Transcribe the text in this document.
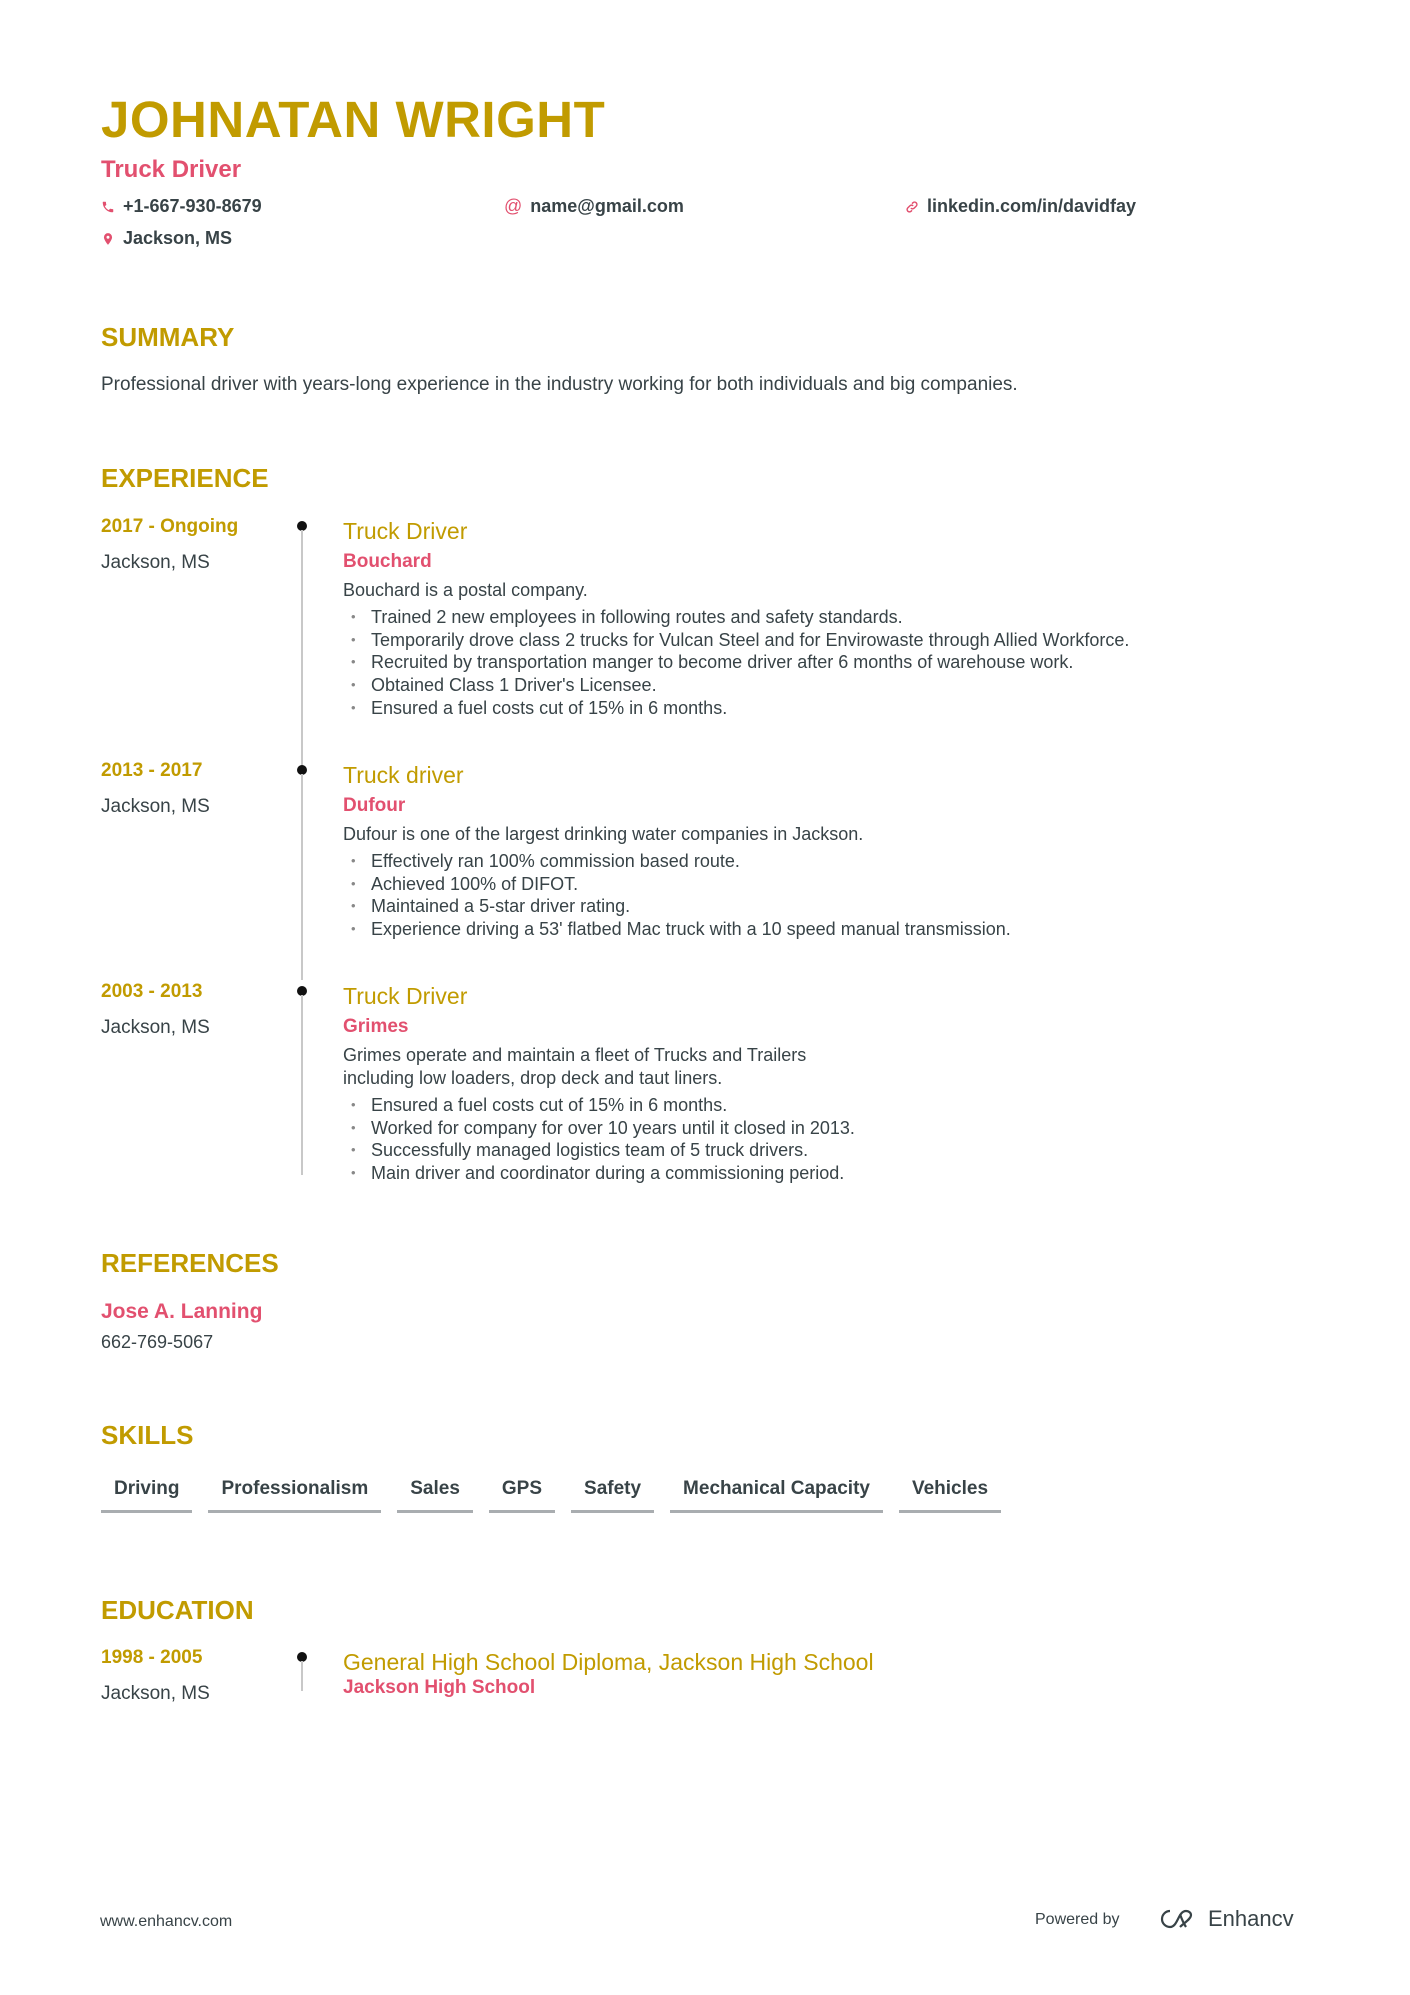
JOHNATAN WRIGHT
Truck Driver
+1-667-930-8679	@ name@gmail.com	linkedin.com/in/davidfay
Jackson, MS
SUMMARY
Professional driver with years-long experience in the industry working for both individuals and big companies.
EXPERIENCE
2017 - Ongoing
Jackson, MS
Truck Driver
Bouchard
Bouchard is a postal company.
• Trained 2 new employees in following routes and safety standards.
• Temporarily drove class 2 trucks for Vulcan Steel and for Envirowaste through Allied Workforce.
• Recruited by transportation manger to become driver after 6 months of warehouse work.
• Obtained Class 1 Driver's Licensee.
• Ensured a fuel costs cut of 15% in 6 months.
2013 - 2017
Jackson, MS
Truck driver
Dufour
Dufour is one of the largest drinking water companies in Jackson.
• Effectively ran 100% commission based route.
• Achieved 100% of DIFOT.
• Maintained a 5-star driver rating.
• Experience driving a 53' flatbed Mac truck with a 10 speed manual transmission.
2003 - 2013
Jackson, MS
Truck Driver
Grimes
Grimes operate and maintain a fleet of Trucks and Trailers including low loaders, drop deck and taut liners.
• Ensured a fuel costs cut of 15% in 6 months.
• Worked for company for over 10 years until it closed in 2013.
• Successfully managed logistics team of 5 truck drivers.
• Main driver and coordinator during a commissioning period.
REFERENCES
Jose A. Lanning
662-769-5067
SKILLS
Driving	Professionalism	Sales	GPS	Safety	Mechanical Capacity	Vehicles
EDUCATION
1998 - 2005
Jackson, MS
General High School Diploma, Jackson High School
Jackson High School
www.enhancv.com	Powered by	Enhancv
